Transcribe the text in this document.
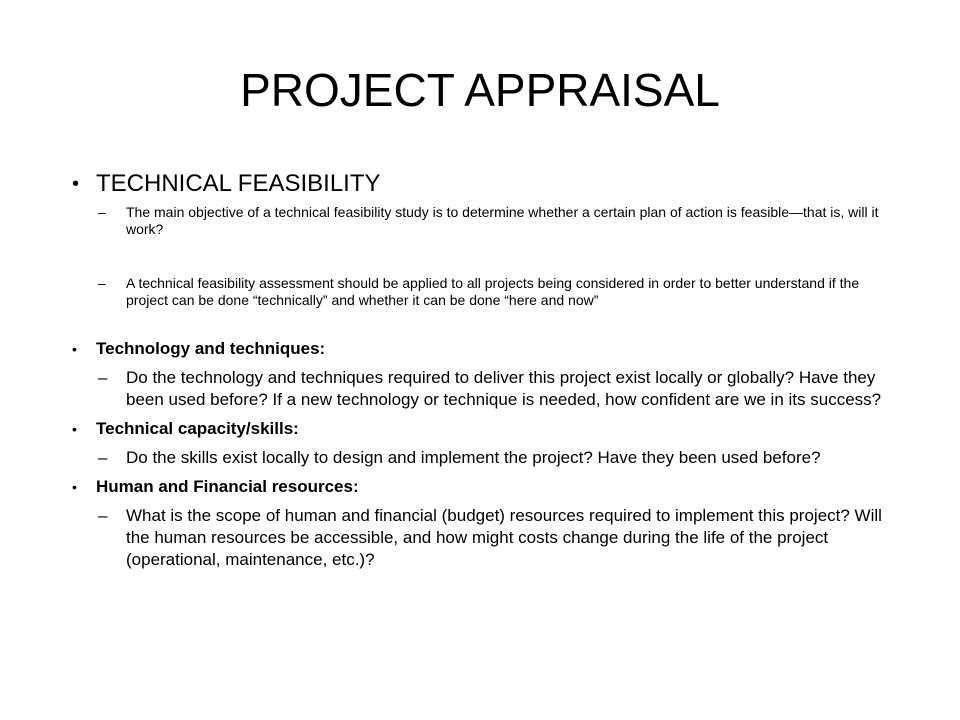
PROJECT APPRAISAL
• TECHNICAL FEASIBILITY
– The main objective of a technical feasibility study is to determine whether a certain plan of action is feasible—that is, will it work?
– A technical feasibility assessment should be applied to all projects being considered in order to better understand if the project can be done “technically” and whether it can be done “here and now”
• Technology and techniques:
– Do the technology and techniques required to deliver this project exist locally or globally? Have they been used before? If a new technology or technique is needed, how confident are we in its success?
• Technical capacity/skills:
– Do the skills exist locally to design and implement the project? Have they been used before?
• Human and Financial resources:
– What is the scope of human and financial (budget) resources required to implement this project? Will the human resources be accessible, and how might costs change during the life of the project (operational, maintenance, etc.)?
